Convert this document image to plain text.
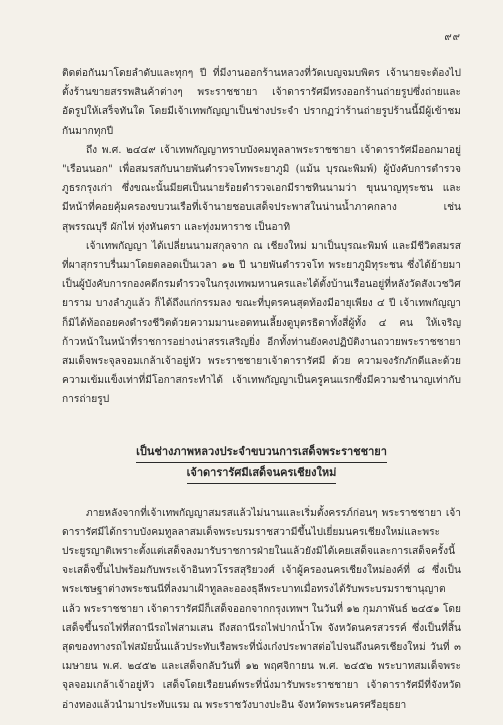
๙๙

ติดต่อกันมาโดยลำดับและทุกๆ ปี ที่มีงานออกร้านหลวงที่วัดเบญจมบพิตร เจ้านายจะต้องไปตั้งร้านขายสรรพสินค้าต่างๆ พระราชชายา เจ้าดารารัศมีทรงออกร้านถ่ายรูปซึ่งถ่ายและอัดรูปให้เสร็จทันใด โดยมีเจ้าเทพกัญญาเป็นช่างประจำ ปรากฏว่าร้านถ่ายรูปร้านนี้มีผู้เข้าชมกันมากทุกปี

ถึง พ.ศ. ๒๔๔๙ เจ้าเทพกัญญาทราบบังคมทูลลาพระราชชายา เจ้าดารารัศมีออกมาอยู่ "เรือนนอก" เพื่อสมรสกับนายพันตำรวจโทพระยาภูมิ (แม้น บุรณะพิมพ์) ผู้บังคับการตำรวจภูธรกรุงเก่า ซึ่งขณะนั้นมียศเป็นนายร้อยตำรวจเอกมีราชทินนามว่า ขุนนาญทุระชน และมีหน้าที่คอยคุ้มครองขบวนเรือที่เจ้านายชอบเสด็จประพาสในน่านน้ำภาคกลาง เช่น สุพรรณบุรี ผักไห่ ทุ่งหันตรา และทุ่งมหาราช เป็นอาทิ

เจ้าเทพกัญญา ได้เปลี่ยนนามสกุลจาก ณ เชียงใหม่ มาเป็นบุรณะพิมพ์ และมีชีวิตสมรสที่ผาสุกราบรื่นมาโดยตลอดเป็นเวลา ๑๒ ปี นายพันตำรวจโท พระยาภูมิทุระชน ซึ่งได้ย้ายมาเป็นผู้บังคับการกองคดีกรมตำรวจในกรุงเทพมหานครและได้ตั้งบ้านเรือนอยู่ที่หลังวัดสังเวชวิศยาราม บางลำภูแล้ว ก็ได้ถึงแก่กรรมลง ขณะที่บุตรคนสุดท้องมีอายุเพียง ๔ ปี เจ้าเทพกัญญาก็มิได้ท้อถอยคงดำรงชีวิตด้วยความมานะอดทนเลี้ยงดูบุตรธิดาทั้งสี่ผู้ทั้ง ๔ คน ให้เจริญก้าวหน้าในหน้าที่ราชการอย่างน่าสรรเสริญยิ่ง อีกทั้งท่านยังคงปฏิบัติงานถวายพระราชชายาสมเด็จพระจุลจอมเกล้าเจ้าอยู่หัว พระราชชายาเจ้าดารารัศมี ด้วย ความจงรักภักดีและด้วยความเข้มแข็งเท่าที่มีโอกาสกระทำได้ เจ้าเทพกัญญาเป็นครูคนแรกซึ่งมีความชำนาญเท่ากับการถ่ายรูป

เป็นช่างภาพหลวงประจำขบวนการเสด็จพระราชชายา
เจ้าดารารัศมีเสด็จนครเชียงใหม่

ภายหลังจากที่เจ้าเทพกัญญาสมรสแล้วไม่นานและเริ่มตั้งครรภ์ก่อนๆ พระราชชายา เจ้าดารารัศมีได้กราบบังคมทูลลาสมเด็จพระบรมราชสวามีขึ้นไปเยี่ยมนครเชียงใหม่และพระประยูรญาติเพราะตั้งแต่เสด็จลงมารับราชการฝ่ายในแล้วยังมิได้เคยเสด็จและการเสด็จครั้งนี้จะเสด็จขึ้นไปพร้อมกับพระเจ้าอินทวโรรสสุริยวงศ์ เจ้าผู้ครองนครเชียงใหม่องค์ที่ ๘ ซึ่งเป็นพระเชษฐาต่างพระชนนีที่ลงมาเฝ้าทูลละอองธุลีพระบาทเมื่อทรงได้รับพระบรมราชานุญาตแล้ว พระราชชายา เจ้าดารารัศมีก็เสด็จออกจากกรุงเทพฯ ในวันที่ ๑๒ กุมภาพันธ์ ๒๔๕๑ โดยเสด็จขึ้นรถไฟที่สถานีรถไฟสามเสน ถึงสถานีรถไฟปากน้ำโพ จังหวัดนครสวรรค์ ซึ่งเป็นที่สิ้นสุดของทางรถไฟสมัยนั้นแล้วประทับเรือพระที่นั่งเก๋งประพาสต่อไปจนถึงนครเชียงใหม่ วันที่ ๓ เมษายน พ.ศ. ๒๔๕๒ และเสด็จกลับวันที่ ๑๒ พฤศจิกายน พ.ศ. ๒๔๕๒ พระบาทสมเด็จพระจุลจอมเกล้าเจ้าอยู่หัว เสด็จโดยเรือยนต์พระที่นั่งมารับพระราชชายา เจ้าดารารัศมีที่จังหวัดอ่างทองแล้วนำมาประทับแรม ณ พระราชวังบางปะอิน จังหวัดพระนครศรีอยุธยา
